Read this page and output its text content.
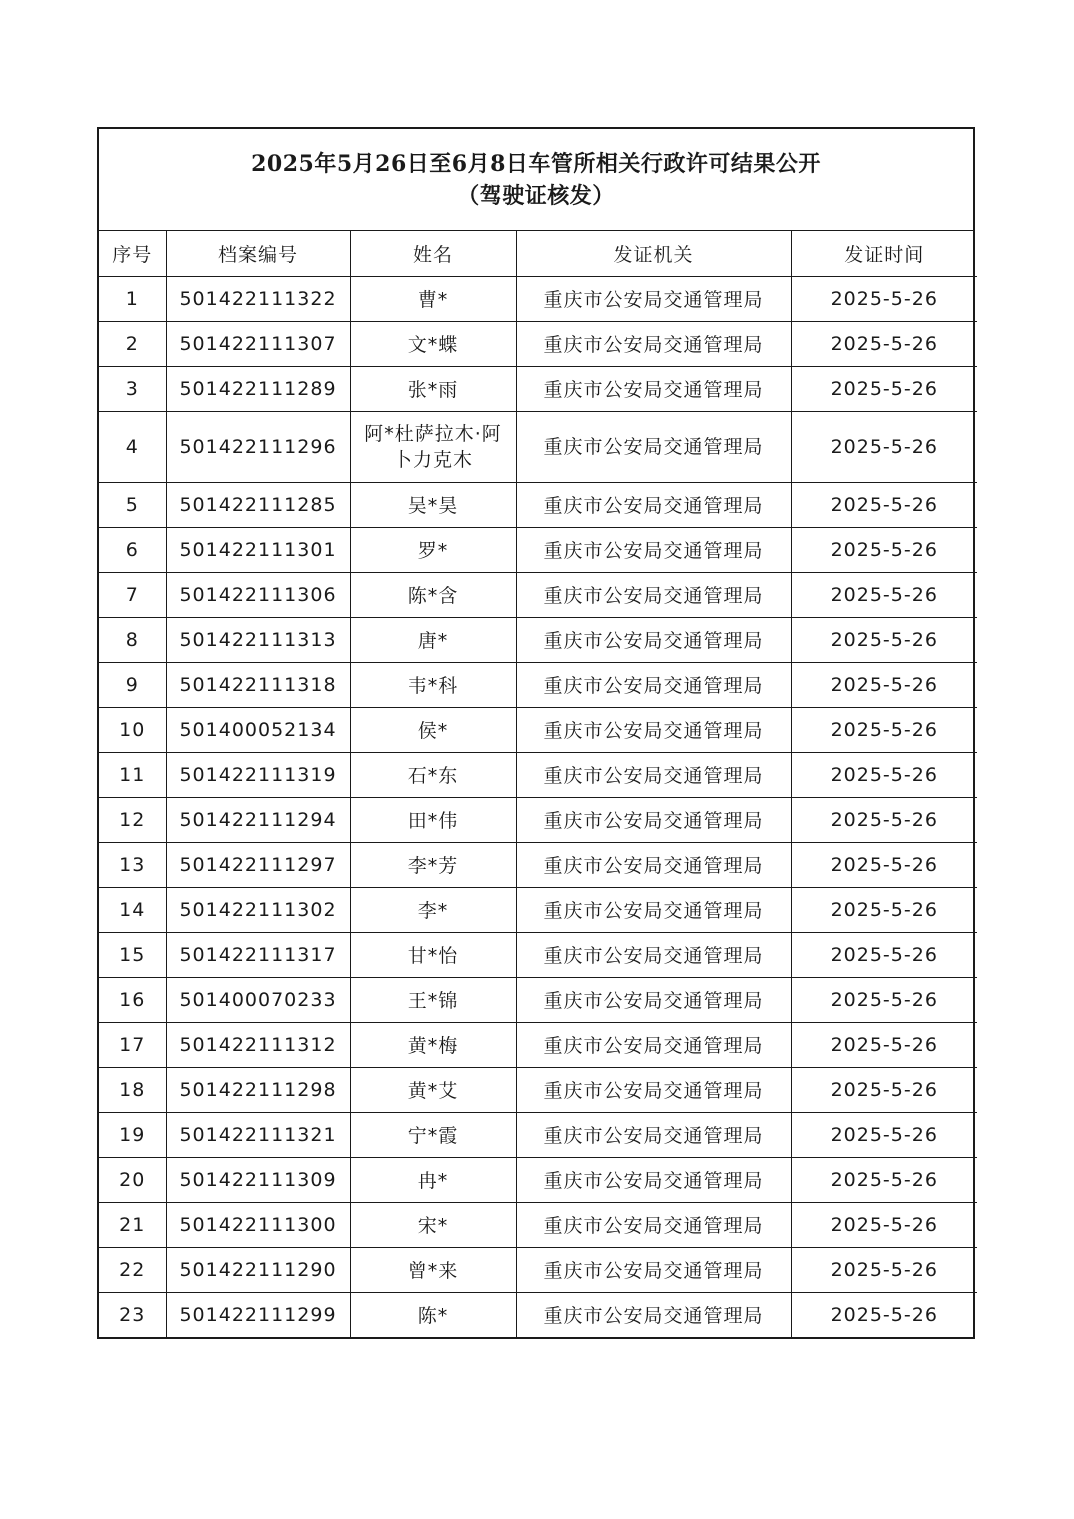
2025年5月26日至6月8日车管所相关行政许可结果公开
（驾驶证核发）
序号	档案编号	姓名	发证机关	发证时间
1	501422111322	曹*	重庆市公安局交通管理局	2025-5-26
2	501422111307	文*蝶	重庆市公安局交通管理局	2025-5-26
3	501422111289	张*雨	重庆市公安局交通管理局	2025-5-26
4	501422111296	阿*杜萨拉木·阿卜力克木	重庆市公安局交通管理局	2025-5-26
5	501422111285	吴*昊	重庆市公安局交通管理局	2025-5-26
6	501422111301	罗*	重庆市公安局交通管理局	2025-5-26
7	501422111306	陈*含	重庆市公安局交通管理局	2025-5-26
8	501422111313	唐*	重庆市公安局交通管理局	2025-5-26
9	501422111318	韦*科	重庆市公安局交通管理局	2025-5-26
10	501400052134	侯*	重庆市公安局交通管理局	2025-5-26
11	501422111319	石*东	重庆市公安局交通管理局	2025-5-26
12	501422111294	田*伟	重庆市公安局交通管理局	2025-5-26
13	501422111297	李*芳	重庆市公安局交通管理局	2025-5-26
14	501422111302	李*	重庆市公安局交通管理局	2025-5-26
15	501422111317	甘*怡	重庆市公安局交通管理局	2025-5-26
16	501400070233	王*锦	重庆市公安局交通管理局	2025-5-26
17	501422111312	黄*梅	重庆市公安局交通管理局	2025-5-26
18	501422111298	黄*艾	重庆市公安局交通管理局	2025-5-26
19	501422111321	宁*霞	重庆市公安局交通管理局	2025-5-26
20	501422111309	冉*	重庆市公安局交通管理局	2025-5-26
21	501422111300	宋*	重庆市公安局交通管理局	2025-5-26
22	501422111290	曾*来	重庆市公安局交通管理局	2025-5-26
23	501422111299	陈*	重庆市公安局交通管理局	2025-5-26
